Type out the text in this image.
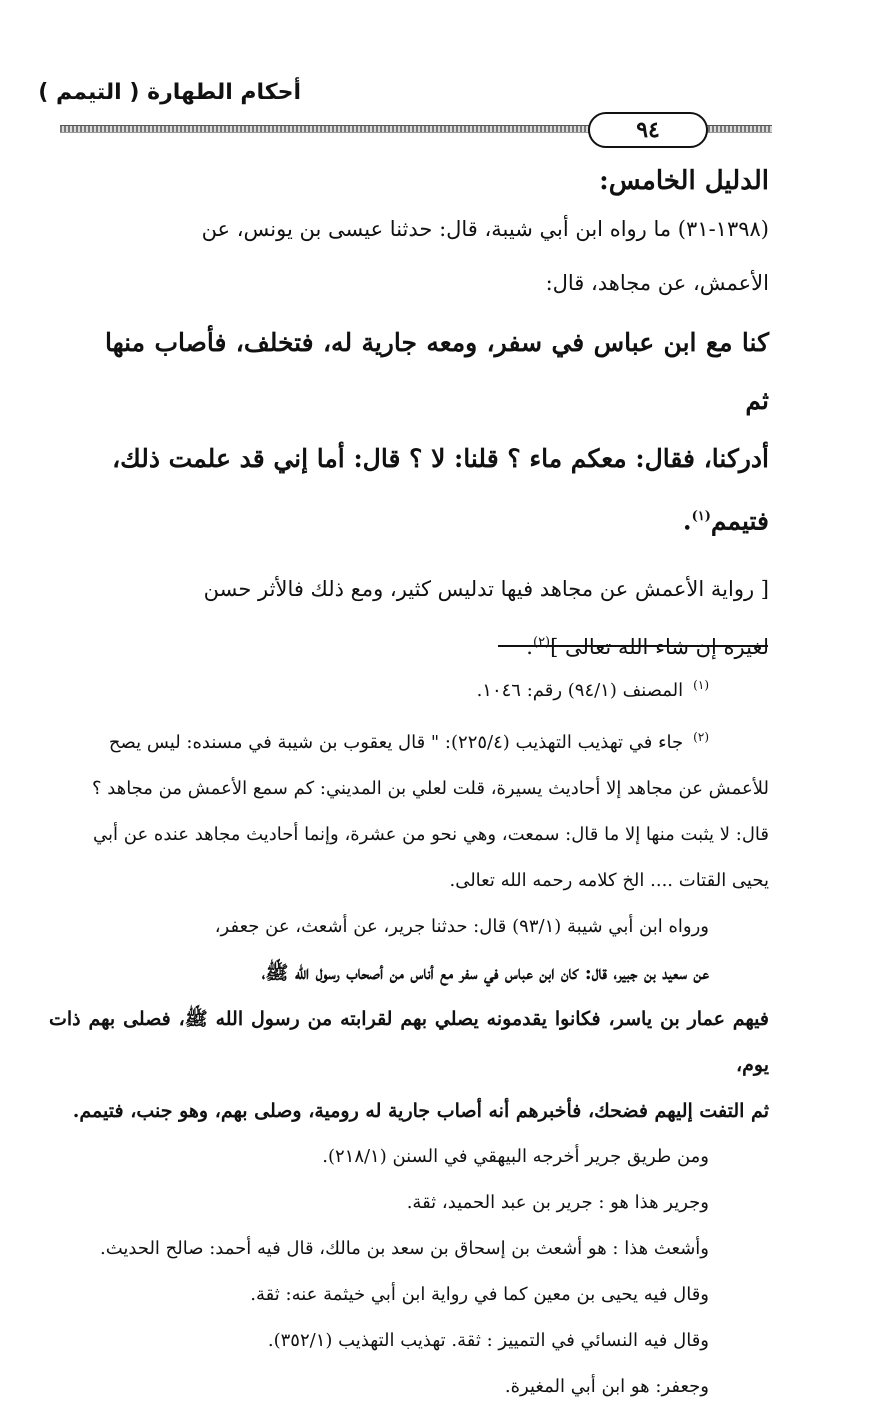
أحكام الطهارة ( التيمم )
٩٤
الدليل الخامس:

(١٣٩٨-٣١) ما رواه ابن أبي شيبة، قال: حدثنا عيسى بن يونس، عن
الأعمش، عن مجاهد، قال:

كنا مع ابن عباس في سفر، ومعه جارية له، فتخلف، فأصاب منها ثم
أدركنا، فقال: معكم ماء ؟ قلنا: لا ؟ قال: أما إني قد علمت ذلك،
فتيمم$^{(١)}$.

[ رواية الأعمش عن مجاهد فيها تدليس كثير، ومع ذلك فالأثر حسن
لغيره إن شاء الله تعالى ]$^{(٢)}$.

$^{(١)}$المصنف (٩٤/١) رقم: ١٠٤٦.

$^{(٢)}$جاء في تهذيب التهذيب (٢٢٥/٤): " قال يعقوب بن شيبة في مسنده: ليس يصح
للأعمش عن مجاهد إلا أحاديث يسيرة، قلت لعلي بن المديني: كم سمع الأعمش من مجاهد ؟
قال: لا يثبت منها إلا ما قال: سمعت، وهي نحو من عشرة، وإنما أحاديث مجاهد عنده عن أبي
يحيى القتات .... الخ كلامه رحمه الله تعالى.

ورواه ابن أبي شيبة (٩٣/١) قال: حدثنا جرير، عن أشعث، عن جعفر،

عن سعيد بن جبير، قال: كان ابن عباس في سفر مع أناس من أصحاب رسول الله ﷺ،
فيهم عمار بن ياسر، فكانوا يقدمونه يصلي بهم لقرابته من رسول الله ﷺ، فصلى بهم ذات يوم،
ثم التفت إليهم فضحك، فأخبرهم أنه أصاب جارية له رومية، وصلى بهم، وهو جنب، فتيمم.

ومن طريق جرير أخرجه البيهقي في السنن (٢١٨/١).

وجرير هذا هو : جرير بن عبد الحميد، ثقة.

وأشعث هذا : هو أشعث بن إسحاق بن سعد بن مالك، قال فيه أحمد: صالح الحديث.

وقال فيه يحيى بن معين كما في رواية ابن أبي خيثمة عنه: ثقة.

وقال فيه النسائي في التمييز : ثقة. تهذيب التهذيب (٣٥٢/١).

وجعفر: هو ابن أبي المغيرة.
